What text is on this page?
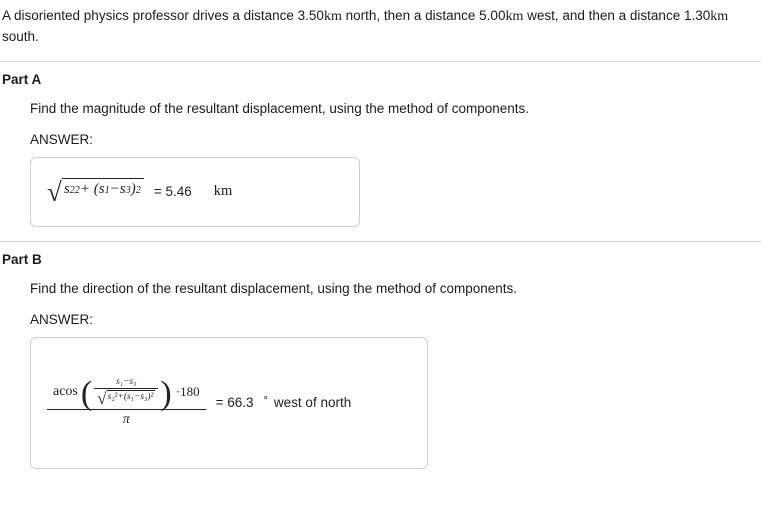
A disoriented physics professor drives a distance 3.50km north, then a distance 5.00km west, and then a distance 1.30km south.
Part A
Find the magnitude of the resultant displacement, using the method of components.
ANSWER:
√ s 2 2 + ( s 1 − s 3 ) 2 = 5.46 km
Part B
Find the direction of the resultant displacement, using the method of components.
ANSWER:
acos ( $\frac{\text{s₁−s₃}}{\text{√ s₂²+(s₁−s₃)²}}$ ) ·180
π
= 66.3 ° west of north
